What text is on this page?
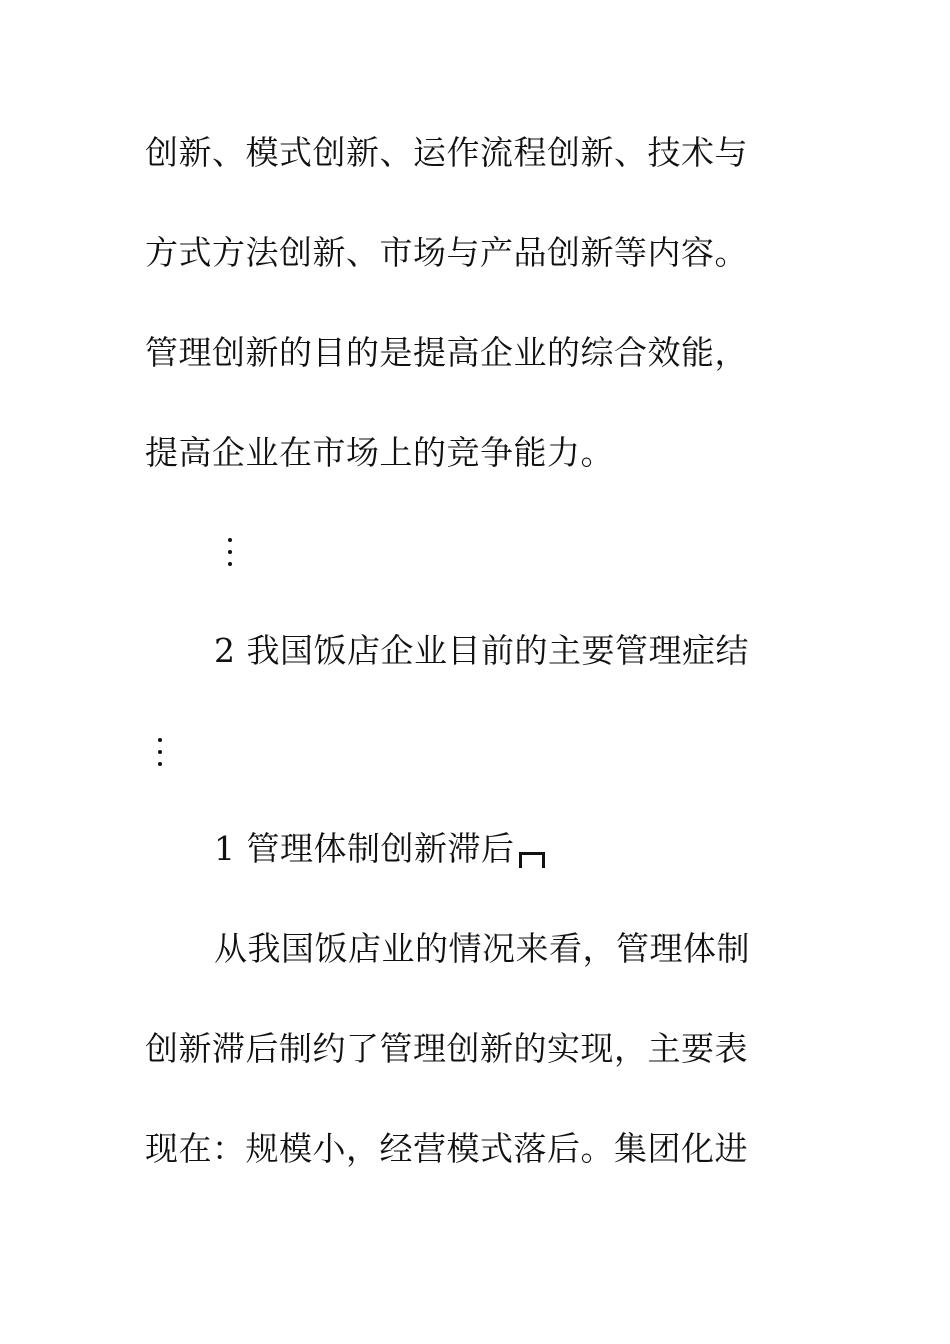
创新、模式创新、运作流程创新、技术与
方式方法创新、市场与产品创新等内容。
管理创新的目的是提高企业的综合效能，
提高企业在市场上的竞争能力。
2 我国饭店企业目前的主要管理症结
1 管理体制创新滞后
从我国饭店业的情况来看，管理体制
创新滞后制约了管理创新的实现，主要表
现在：规模小，经营模式落后。集团化进
